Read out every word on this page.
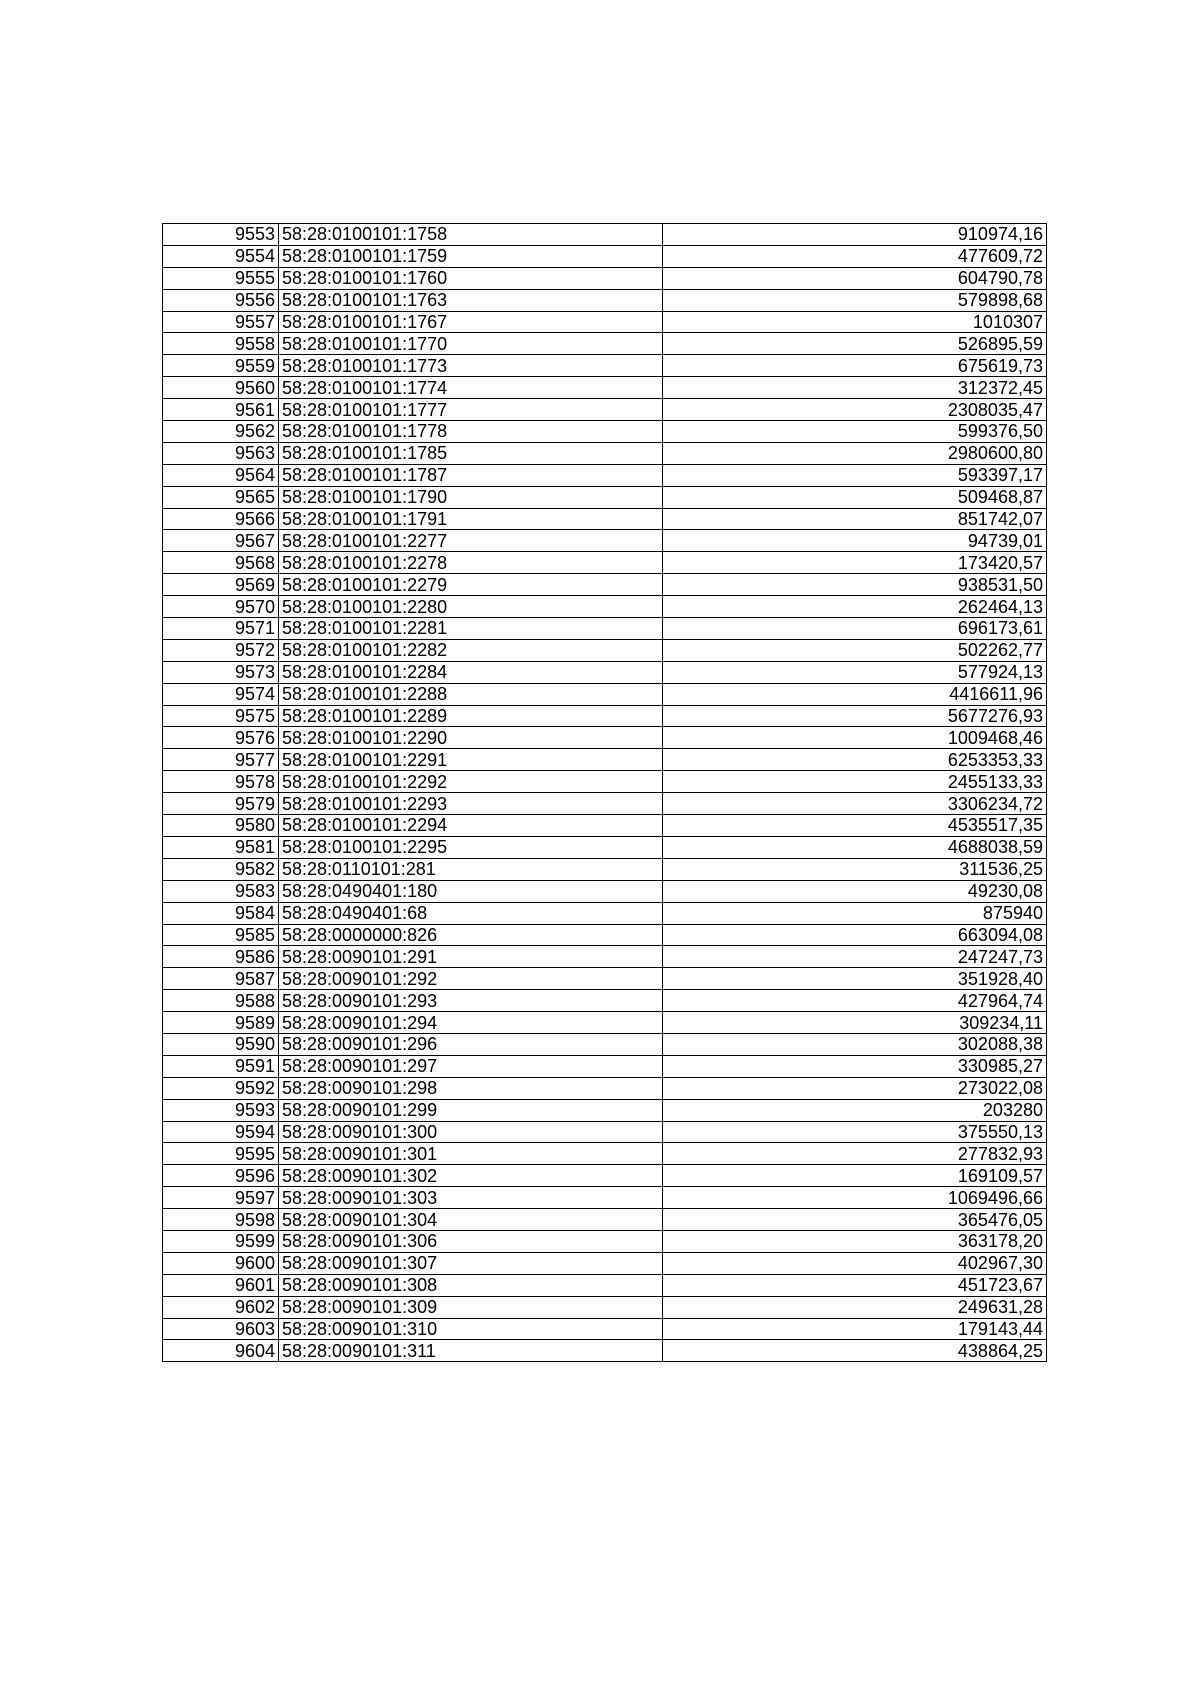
9553	58:28:0100101:1758	910974,16
9554	58:28:0100101:1759	477609,72
9555	58:28:0100101:1760	604790,78
9556	58:28:0100101:1763	579898,68
9557	58:28:0100101:1767	1010307
9558	58:28:0100101:1770	526895,59
9559	58:28:0100101:1773	675619,73
9560	58:28:0100101:1774	312372,45
9561	58:28:0100101:1777	2308035,47
9562	58:28:0100101:1778	599376,50
9563	58:28:0100101:1785	2980600,80
9564	58:28:0100101:1787	593397,17
9565	58:28:0100101:1790	509468,87
9566	58:28:0100101:1791	851742,07
9567	58:28:0100101:2277	94739,01
9568	58:28:0100101:2278	173420,57
9569	58:28:0100101:2279	938531,50
9570	58:28:0100101:2280	262464,13
9571	58:28:0100101:2281	696173,61
9572	58:28:0100101:2282	502262,77
9573	58:28:0100101:2284	577924,13
9574	58:28:0100101:2288	4416611,96
9575	58:28:0100101:2289	5677276,93
9576	58:28:0100101:2290	1009468,46
9577	58:28:0100101:2291	6253353,33
9578	58:28:0100101:2292	2455133,33
9579	58:28:0100101:2293	3306234,72
9580	58:28:0100101:2294	4535517,35
9581	58:28:0100101:2295	4688038,59
9582	58:28:0110101:281	311536,25
9583	58:28:0490401:180	49230,08
9584	58:28:0490401:68	875940
9585	58:28:0000000:826	663094,08
9586	58:28:0090101:291	247247,73
9587	58:28:0090101:292	351928,40
9588	58:28:0090101:293	427964,74
9589	58:28:0090101:294	309234,11
9590	58:28:0090101:296	302088,38
9591	58:28:0090101:297	330985,27
9592	58:28:0090101:298	273022,08
9593	58:28:0090101:299	203280
9594	58:28:0090101:300	375550,13
9595	58:28:0090101:301	277832,93
9596	58:28:0090101:302	169109,57
9597	58:28:0090101:303	1069496,66
9598	58:28:0090101:304	365476,05
9599	58:28:0090101:306	363178,20
9600	58:28:0090101:307	402967,30
9601	58:28:0090101:308	451723,67
9602	58:28:0090101:309	249631,28
9603	58:28:0090101:310	179143,44
9604	58:28:0090101:311	438864,25
